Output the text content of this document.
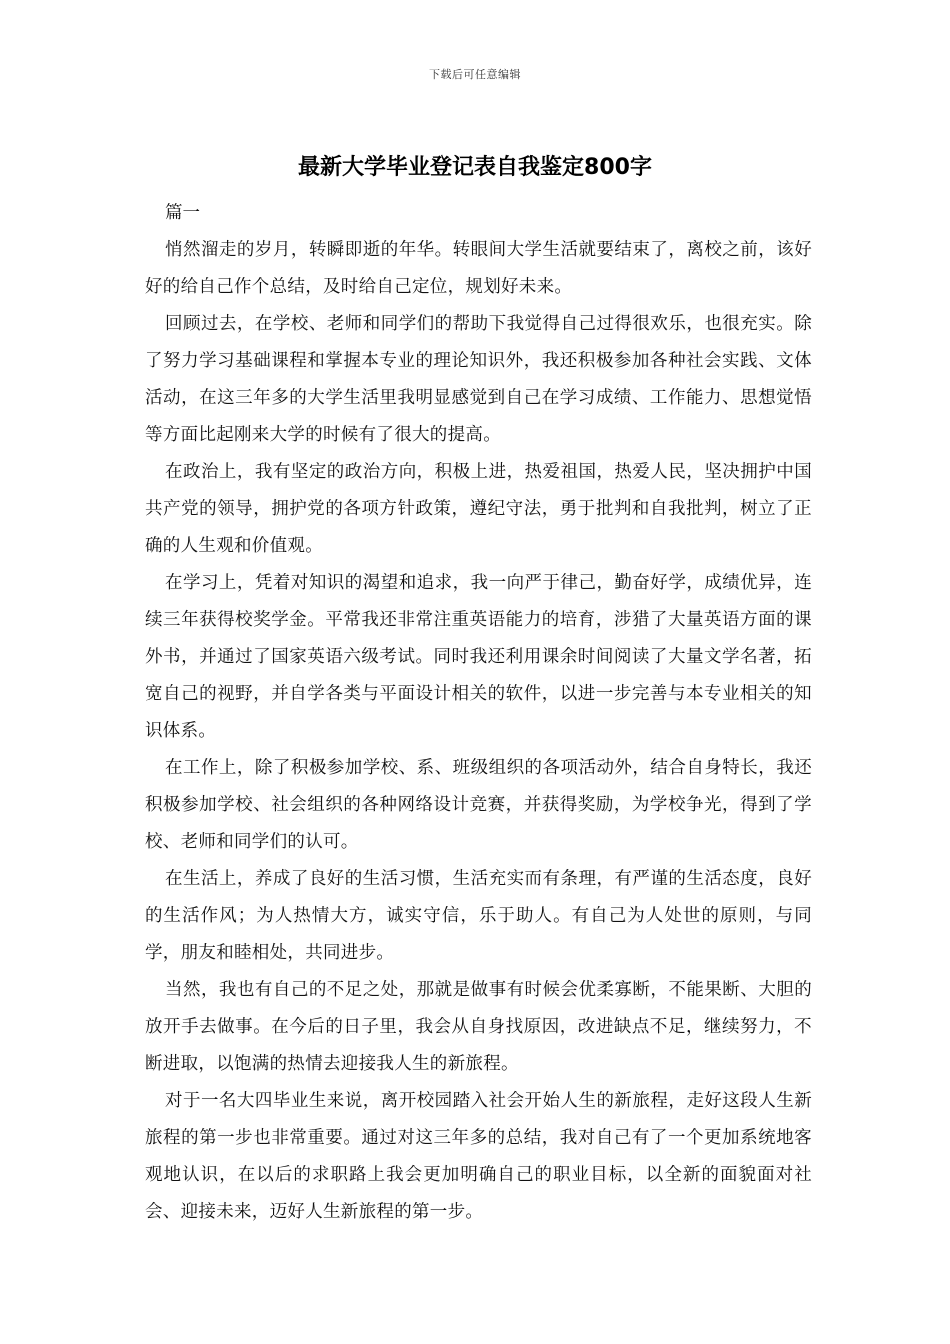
下载后可任意编辑
最新大学毕业登记表自我鉴定800字

篇一

悄然溜走的岁月，转瞬即逝的年华。转眼间大学生活就要结束了，离校之前，该好好的给自己作个总结，及时给自己定位，规划好未来。

回顾过去，在学校、老师和同学们的帮助下我觉得自己过得很欢乐，也很充实。除了努力学习基础课程和掌握本专业的理论知识外，我还积极参加各种社会实践、文体活动，在这三年多的大学生活里我明显感觉到自己在学习成绩、工作能力、思想觉悟等方面比起刚来大学的时候有了很大的提高。

在政治上，我有坚定的政治方向，积极上进，热爱祖国，热爱人民，坚决拥护中国共产党的领导，拥护党的各项方针政策，遵纪守法，勇于批判和自我批判，树立了正确的人生观和价值观。

在学习上，凭着对知识的渴望和追求，我一向严于律己，勤奋好学，成绩优异，连续三年获得校奖学金。平常我还非常注重英语能力的培育，涉猎了大量英语方面的课外书，并通过了国家英语六级考试。同时我还利用课余时间阅读了大量文学名著，拓宽自己的视野，并自学各类与平面设计相关的软件，以进一步完善与本专业相关的知识体系。

在工作上，除了积极参加学校、系、班级组织的各项活动外，结合自身特长，我还积极参加学校、社会组织的各种网络设计竞赛，并获得奖励，为学校争光，得到了学校、老师和同学们的认可。

在生活上，养成了良好的生活习惯，生活充实而有条理，有严谨的生活态度，良好的生活作风；为人热情大方，诚实守信，乐于助人。有自己为人处世的原则，与同学，朋友和睦相处，共同进步。

当然，我也有自己的不足之处，那就是做事有时候会优柔寡断，不能果断、大胆的放开手去做事。在今后的日子里，我会从自身找原因，改进缺点不足，继续努力，不断进取，以饱满的热情去迎接我人生的新旅程。

对于一名大四毕业生来说，离开校园踏入社会开始人生的新旅程，走好这段人生新旅程的第一步也非常重要。通过对这三年多的总结，我对自己有了一个更加系统地客观地认识，在以后的求职路上我会更加明确自己的职业目标，以全新的面貌面对社会、迎接未来，迈好人生新旅程的第一步。
